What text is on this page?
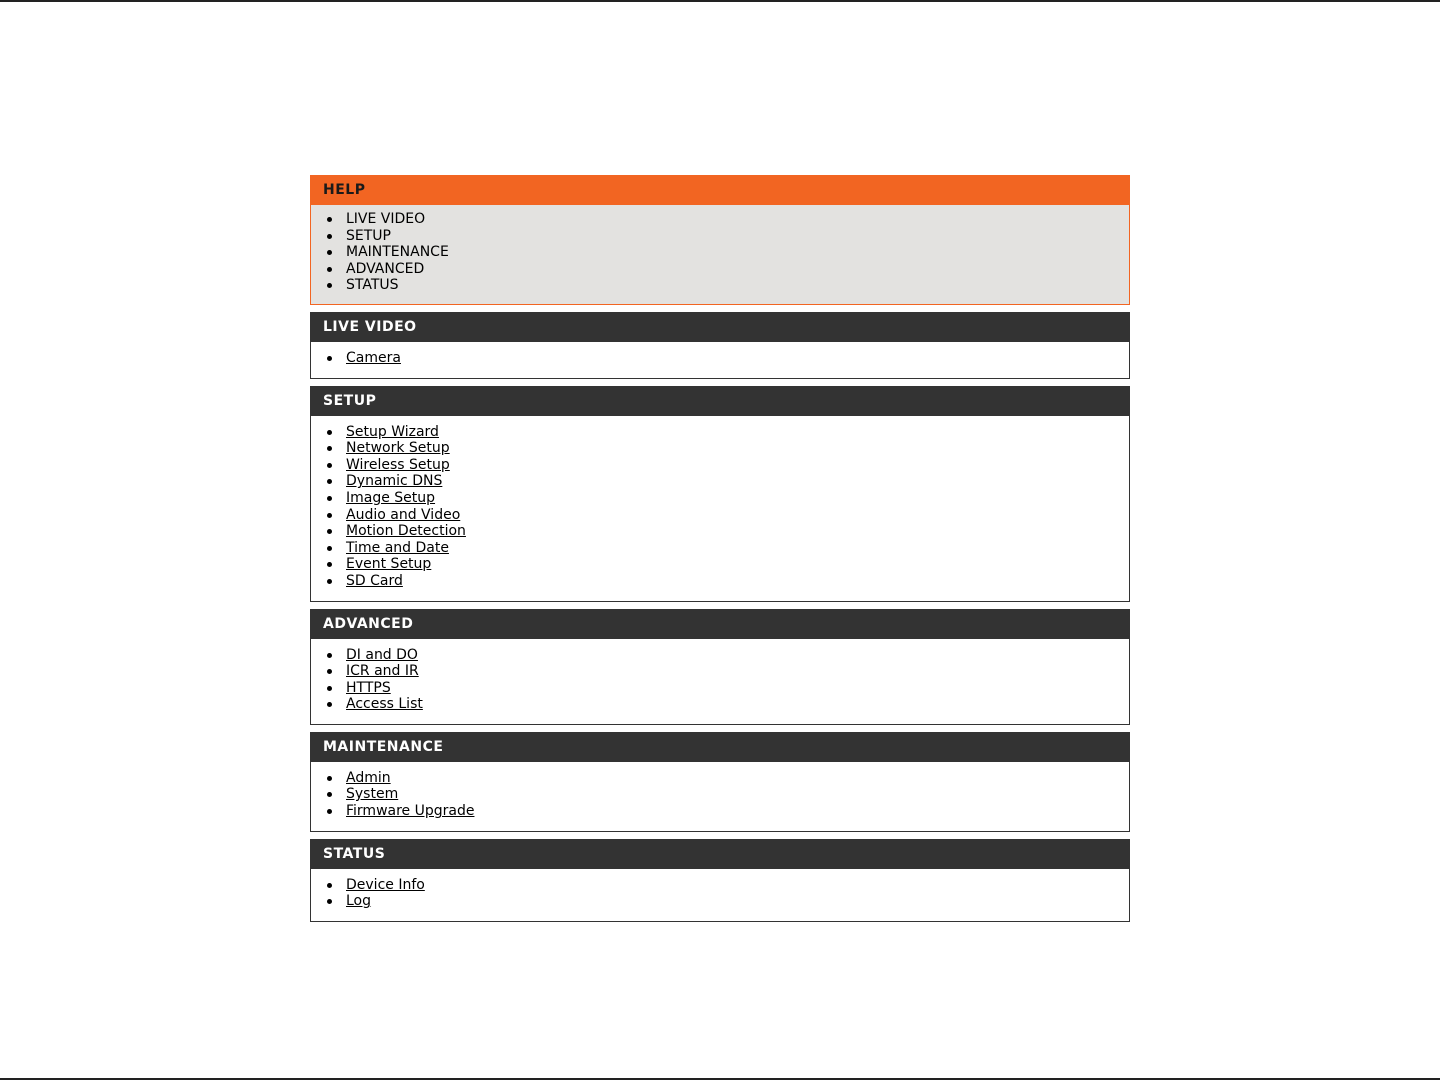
HELP
LIVE VIDEO
SETUP
MAINTENANCE
ADVANCED
STATUS
LIVE VIDEO
Camera
SETUP
Setup Wizard
Network Setup
Wireless Setup
Dynamic DNS
Image Setup
Audio and Video
Motion Detection
Time and Date
Event Setup
SD Card
ADVANCED
DI and DO
ICR and IR
HTTPS
Access List
MAINTENANCE
Admin
System
Firmware Upgrade
STATUS
Device Info
Log
